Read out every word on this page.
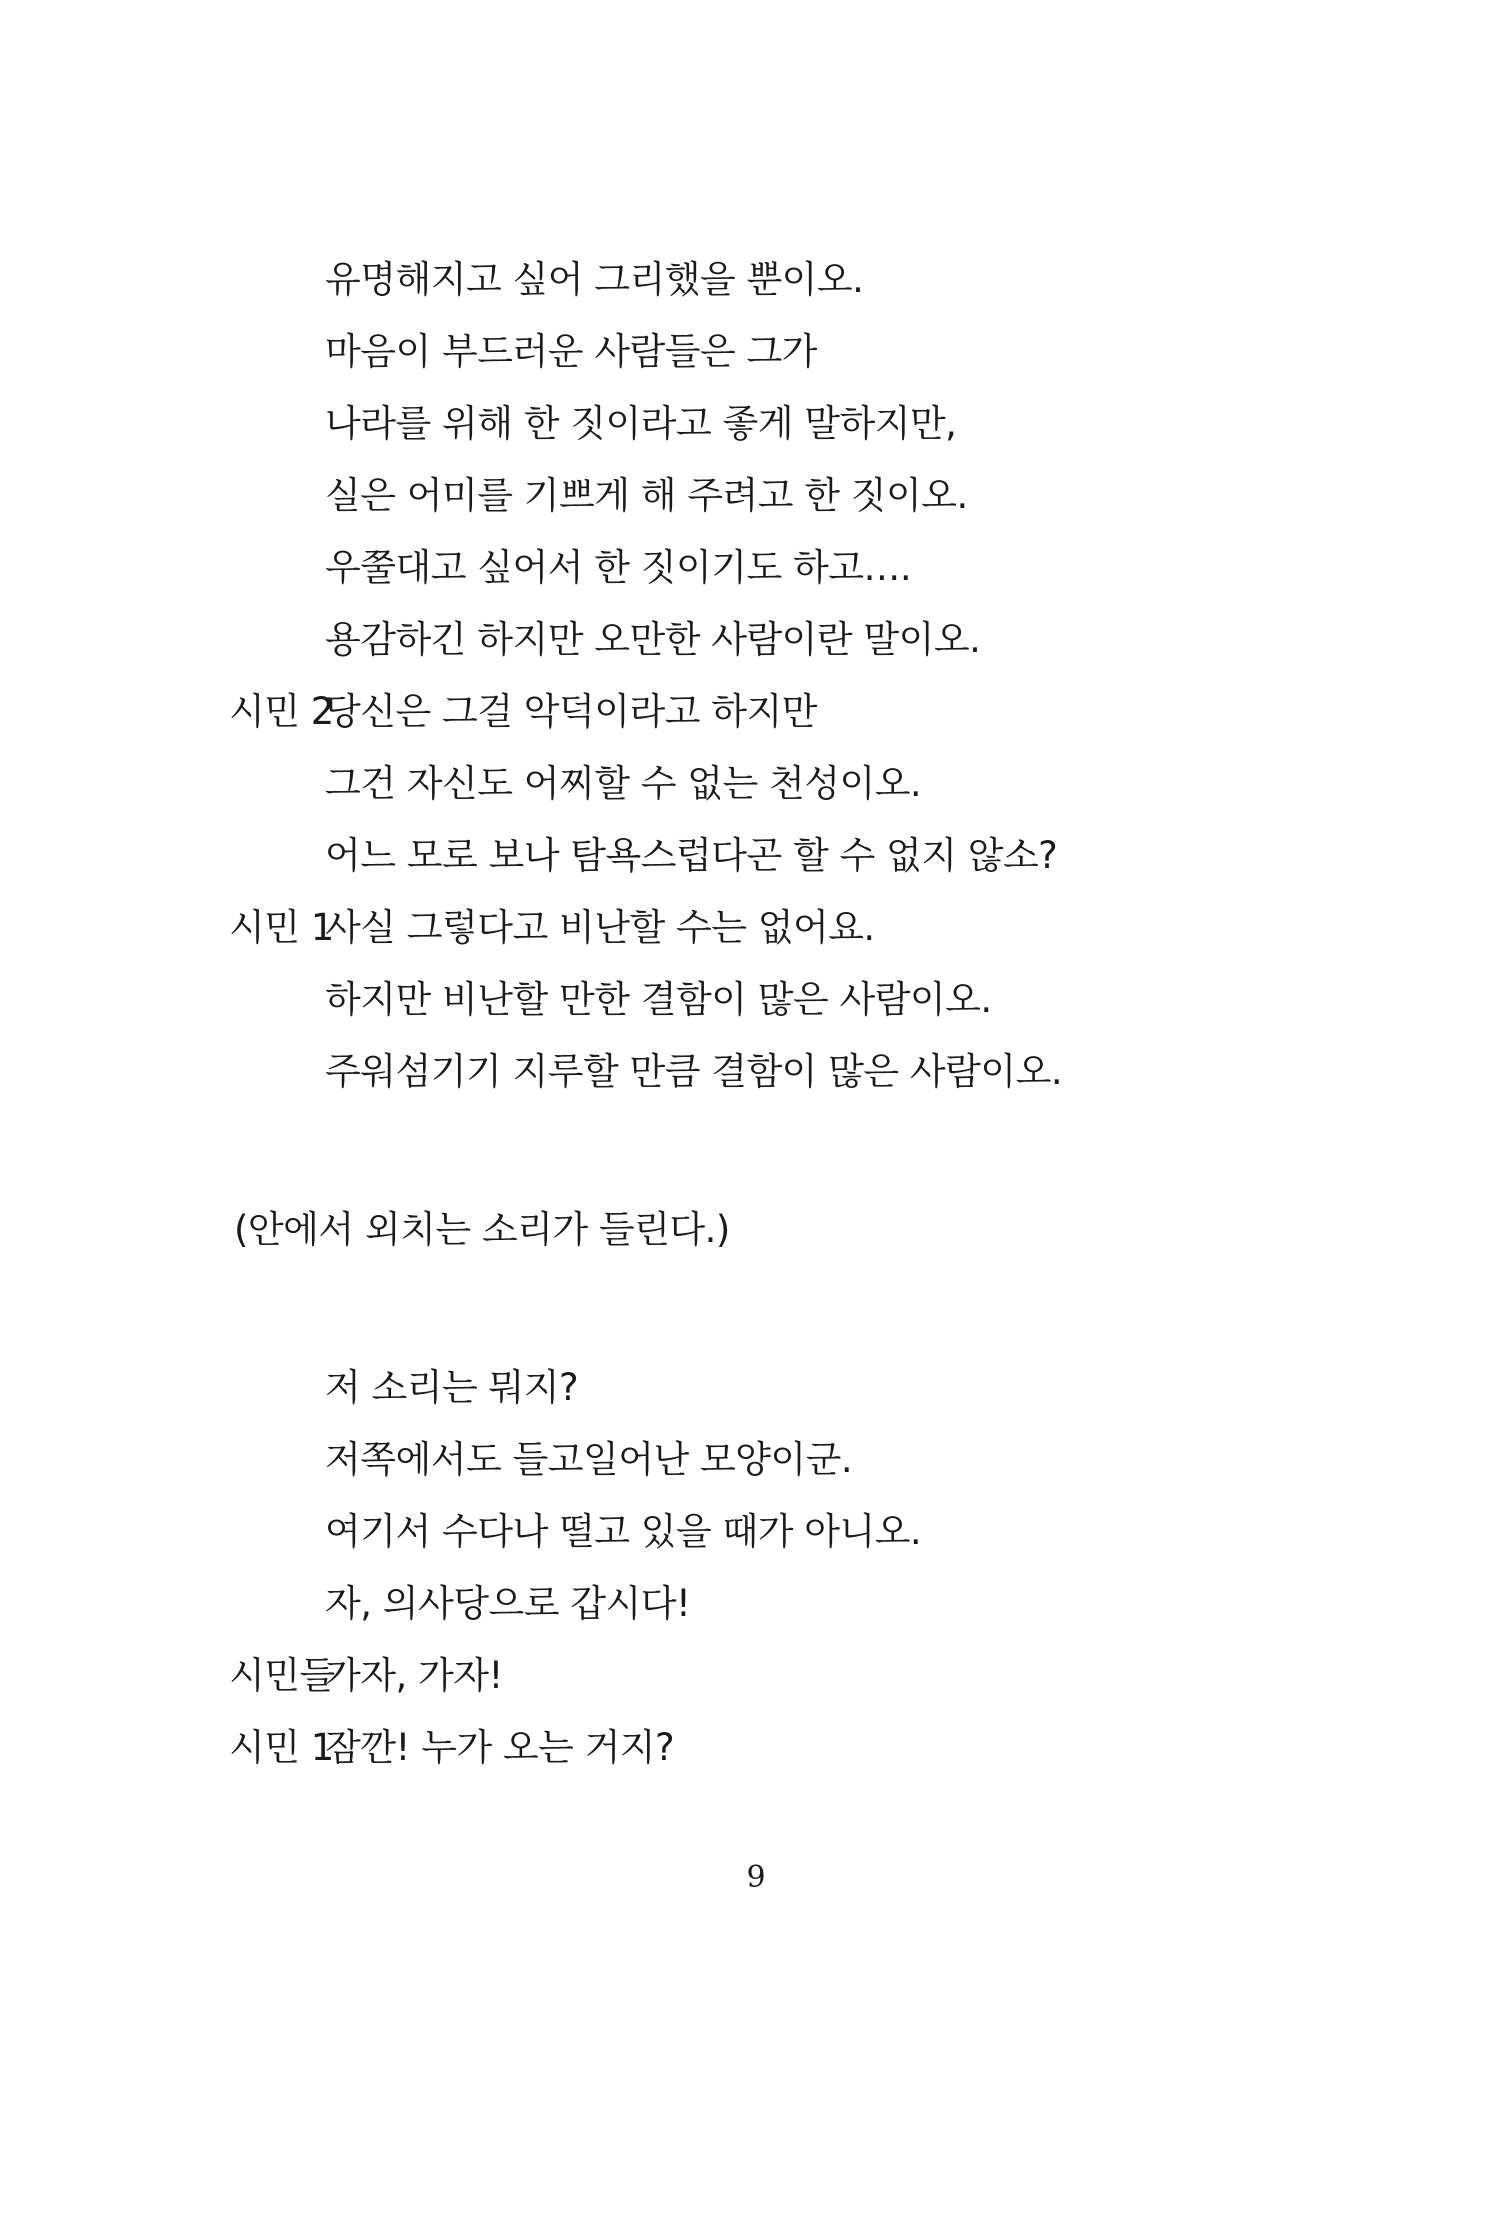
유명해지고 싶어 그리했을 뿐이오.
마음이 부드러운 사람들은 그가
나라를 위해 한 짓이라고 좋게 말하지만,
실은 어미를 기쁘게 해 주려고 한 짓이오.
우쭐대고 싶어서 한 짓이기도 하고….
용감하긴 하지만 오만한 사람이란 말이오.
시민 2
당신은 그걸 악덕이라고 하지만
그건 자신도 어찌할 수 없는 천성이오.
어느 모로 보나 탐욕스럽다곤 할 수 없지 않소?
시민 1
사실 그렇다고 비난할 수는 없어요.
하지만 비난할 만한 결함이 많은 사람이오.
주워섬기기 지루할 만큼 결함이 많은 사람이오.
(안에서 외치는 소리가 들린다.)
저 소리는 뭐지?
저쪽에서도 들고일어난 모양이군.
여기서 수다나 떨고 있을 때가 아니오.
자, 의사당으로 갑시다!
시민들
가자, 가자!
시민 1
잠깐! 누가 오는 거지?
9
